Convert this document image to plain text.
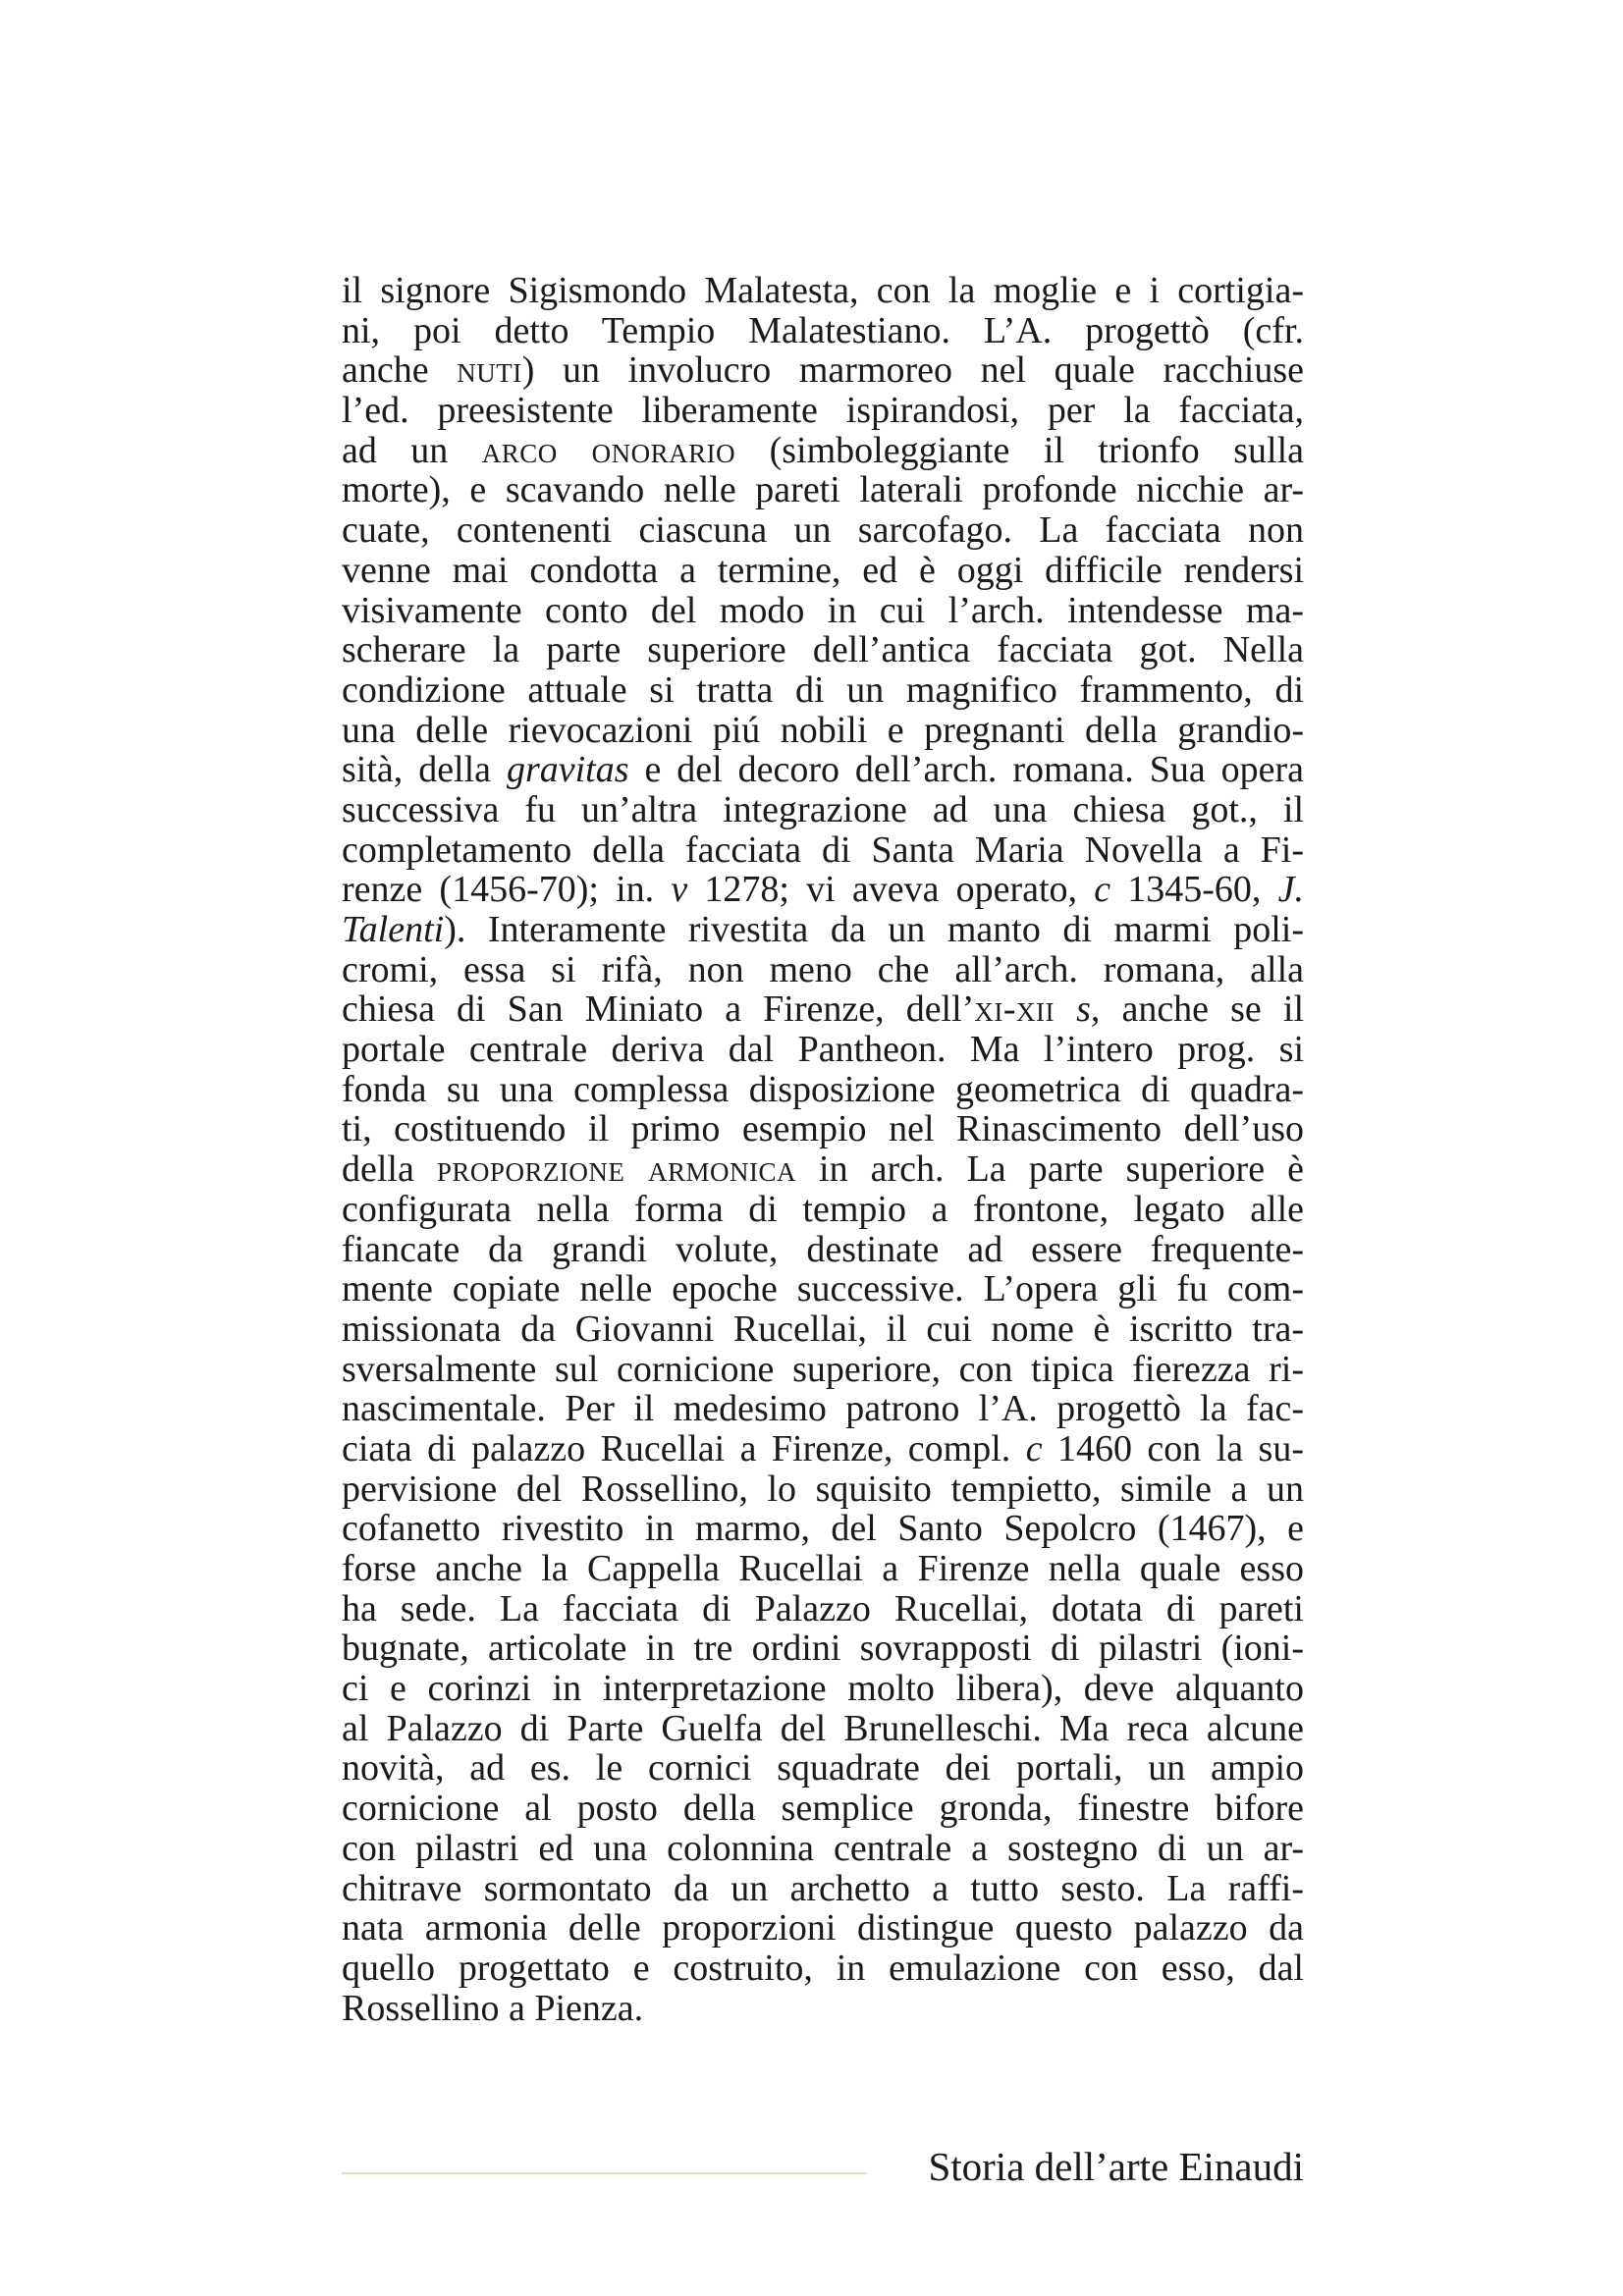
il signore Sigismondo Malatesta, con la moglie e i cortigia-
ni, poi detto Tempio Malatestiano. L’A. progettò (cfr.
anche nuti) un involucro marmoreo nel quale racchiuse
l’ed. preesistente liberamente ispirandosi, per la facciata,
ad un arco onorario (simboleggiante il trionfo sulla
morte), e scavando nelle pareti laterali profonde nicchie ar-
cuate, contenenti ciascuna un sarcofago. La facciata non
venne mai condotta a termine, ed è oggi difficile rendersi
visivamente conto del modo in cui l’arch. intendesse ma-
scherare la parte superiore dell’antica facciata got. Nella
condizione attuale si tratta di un magnifico frammento, di
una delle rievocazioni piú nobili e pregnanti della grandio-
sità, della gravitas e del decoro dell’arch. romana. Sua opera
successiva fu un’altra integrazione ad una chiesa got., il
completamento della facciata di Santa Maria Novella a Fi-
renze (1456-70); in. v 1278; vi aveva operato, c 1345-60, J.
Talenti). Interamente rivestita da un manto di marmi poli-
cromi, essa si rifà, non meno che all’arch. romana, alla
chiesa di San Miniato a Firenze, dell’xi-xii s, anche se il
portale centrale deriva dal Pantheon. Ma l’intero prog. si
fonda su una complessa disposizione geometrica di quadra-
ti, costituendo il primo esempio nel Rinascimento dell’uso
della proporzione armonica in arch. La parte superiore è
configurata nella forma di tempio a frontone, legato alle
fiancate da grandi volute, destinate ad essere frequente-
mente copiate nelle epoche successive. L’opera gli fu com-
missionata da Giovanni Rucellai, il cui nome è iscritto tra-
sversalmente sul cornicione superiore, con tipica fierezza ri-
nascimentale. Per il medesimo patrono l’A. progettò la fac-
ciata di palazzo Rucellai a Firenze, compl. c 1460 con la su-
pervisione del Rossellino, lo squisito tempietto, simile a un
cofanetto rivestito in marmo, del Santo Sepolcro (1467), e
forse anche la Cappella Rucellai a Firenze nella quale esso
ha sede. La facciata di Palazzo Rucellai, dotata di pareti
bugnate, articolate in tre ordini sovrapposti di pilastri (ioni-
ci e corinzi in interpretazione molto libera), deve alquanto
al Palazzo di Parte Guelfa del Brunelleschi. Ma reca alcune
novità, ad es. le cornici squadrate dei portali, un ampio
cornicione al posto della semplice gronda, finestre bifore
con pilastri ed una colonnina centrale a sostegno di un ar-
chitrave sormontato da un archetto a tutto sesto. La raffi-
nata armonia delle proporzioni distingue questo palazzo da
quello progettato e costruito, in emulazione con esso, dal
Rossellino a Pienza.
Storia dell’arte Einaudi
